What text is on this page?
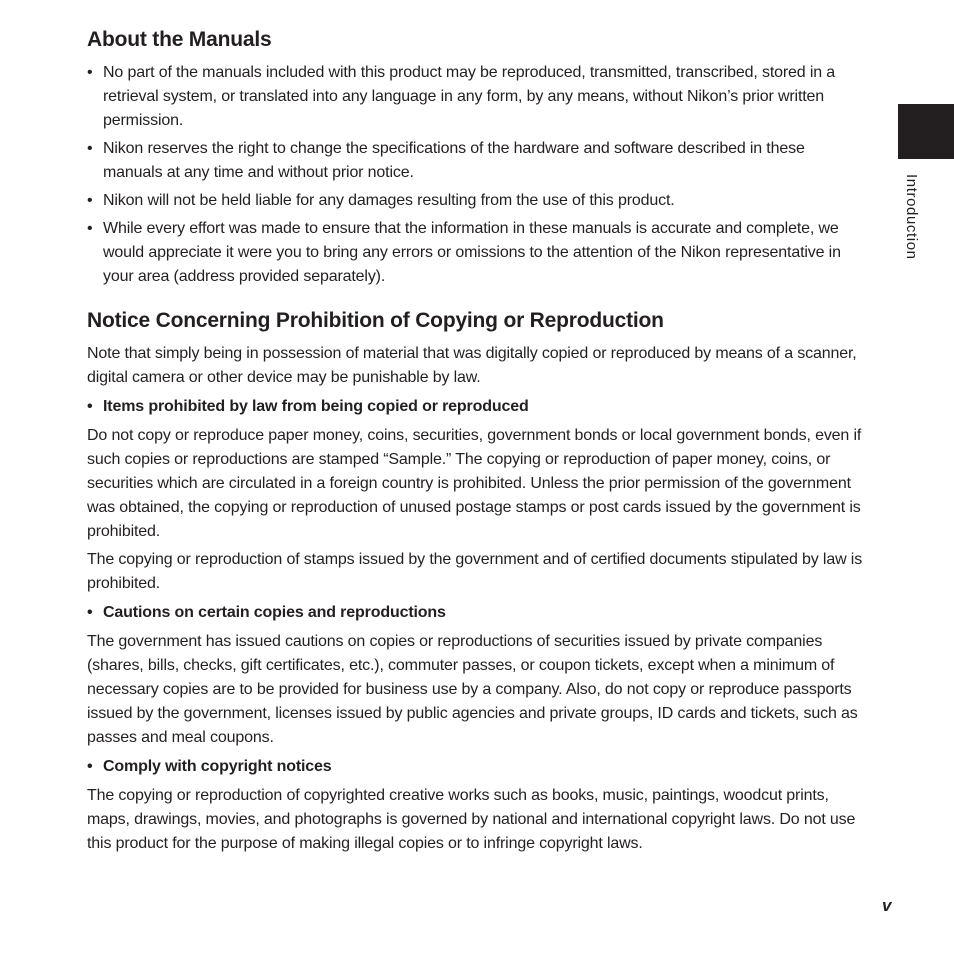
About the Manuals
• No part of the manuals included with this product may be reproduced, transmitted, transcribed, stored in a retrieval system, or translated into any language in any form, by any means, without Nikon’s prior written permission.
• Nikon reserves the right to change the specifications of the hardware and software described in these manuals at any time and without prior notice.
• Nikon will not be held liable for any damages resulting from the use of this product.
• While every effort was made to ensure that the information in these manuals is accurate and complete, we would appreciate it were you to bring any errors or omissions to the attention of the Nikon representative in your area (address provided separately).
Notice Concerning Prohibition of Copying or Reproduction

Note that simply being in possession of material that was digitally copied or reproduced by means of a scanner, digital camera or other device may be punishable by law.

• Items prohibited by law from being copied or reproduced

Do not copy or reproduce paper money, coins, securities, government bonds or local government bonds, even if such copies or reproductions are stamped “Sample.” The copying or reproduction of paper money, coins, or securities which are circulated in a foreign country is prohibited. Unless the prior permission of the government was obtained, the copying or reproduction of unused postage stamps or post cards issued by the government is prohibited.

The copying or reproduction of stamps issued by the government and of certified documents stipulated by law is prohibited.

• Cautions on certain copies and reproductions

The government has issued cautions on copies or reproductions of securities issued by private companies (shares, bills, checks, gift certificates, etc.), commuter passes, or coupon tickets, except when a minimum of necessary copies are to be provided for business use by a company. Also, do not copy or reproduce passports issued by the government, licenses issued by public agencies and private groups, ID cards and tickets, such as passes and meal coupons.

• Comply with copyright notices

The copying or reproduction of copyrighted creative works such as books, music, paintings, woodcut prints, maps, drawings, movies, and photographs is governed by national and international copyright laws. Do not use this product for the purpose of making illegal copies or to infringe copyright laws.

Introduction
v
